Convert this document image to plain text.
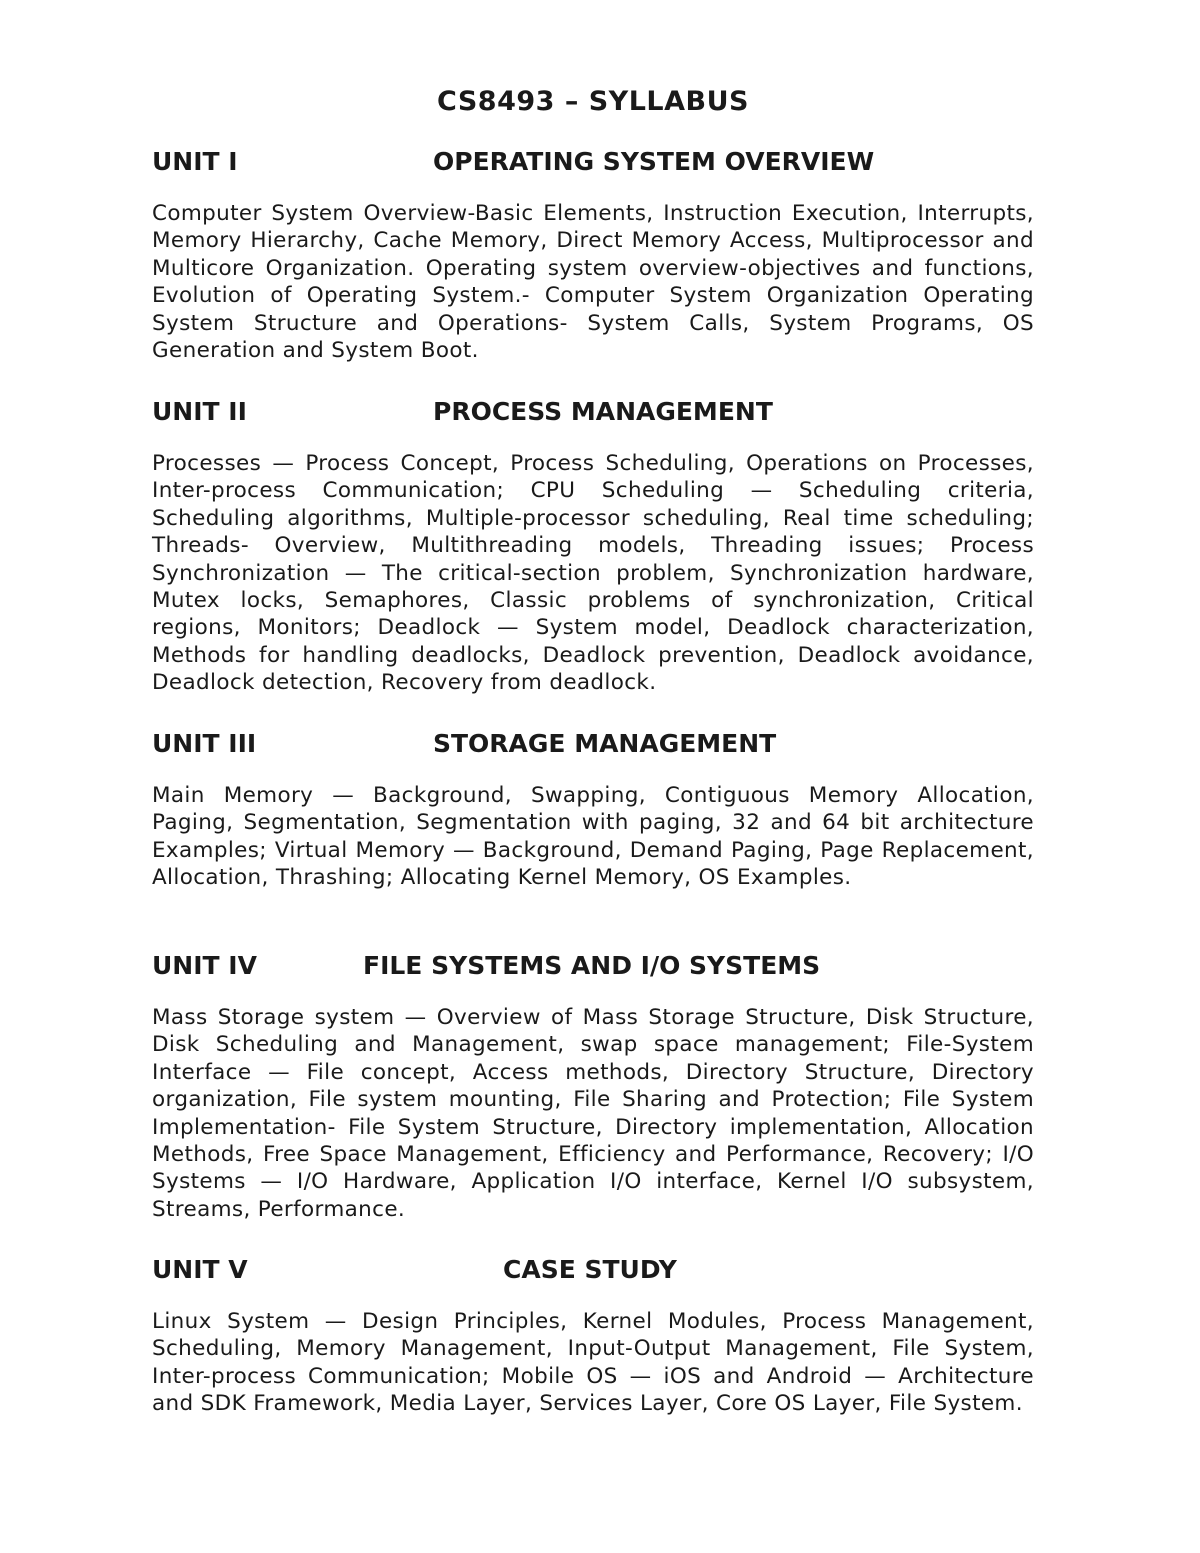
CS8493 – SYLLABUS
UNIT I	OPERATING SYSTEM OVERVIEW

Computer System Overview-Basic Elements, Instruction Execution, Interrupts, Memory Hierarchy, Cache Memory, Direct Memory Access, Multiprocessor and Multicore Organization. Operating system overview-objectives and functions, Evolution of Operating System.- Computer System Organization Operating System Structure and Operations- System Calls, System Programs, OS Generation and System Boot.

UNIT II	PROCESS MANAGEMENT

Processes — Process Concept, Process Scheduling, Operations on Processes, Inter-process Communication; CPU Scheduling — Scheduling criteria, Scheduling algorithms, Multiple-processor scheduling, Real time scheduling; Threads- Overview, Multithreading models, Threading issues; Process Synchronization — The critical-section problem, Synchronization hardware, Mutex locks, Semaphores, Classic problems of synchronization, Critical regions, Monitors; Deadlock — System model, Deadlock characterization, Methods for handling deadlocks, Deadlock prevention, Deadlock avoidance, Deadlock detection, Recovery from deadlock.

UNIT III	STORAGE MANAGEMENT

Main Memory — Background, Swapping, Contiguous Memory Allocation, Paging, Segmentation, Segmentation with paging, 32 and 64 bit architecture Examples; Virtual Memory — Background, Demand Paging, Page Replacement, Allocation, Thrashing; Allocating Kernel Memory, OS Examples.

UNIT IV	FILE SYSTEMS AND I/O SYSTEMS

Mass Storage system — Overview of Mass Storage Structure, Disk Structure, Disk Scheduling and Management, swap space management; File-System Interface — File concept, Access methods, Directory Structure, Directory organization, File system mounting, File Sharing and Protection; File System Implementation- File System Structure, Directory implementation, Allocation Methods, Free Space Management, Efficiency and Performance, Recovery; I/O Systems — I/O Hardware, Application I/O interface, Kernel I/O subsystem, Streams, Performance.

UNIT V	CASE STUDY

Linux System — Design Principles, Kernel Modules, Process Management, Scheduling, Memory Management, Input-Output Management, File System, Inter-process Communication; Mobile OS — iOS and Android — Architecture and SDK Framework, Media Layer, Services Layer, Core OS Layer, File System.
